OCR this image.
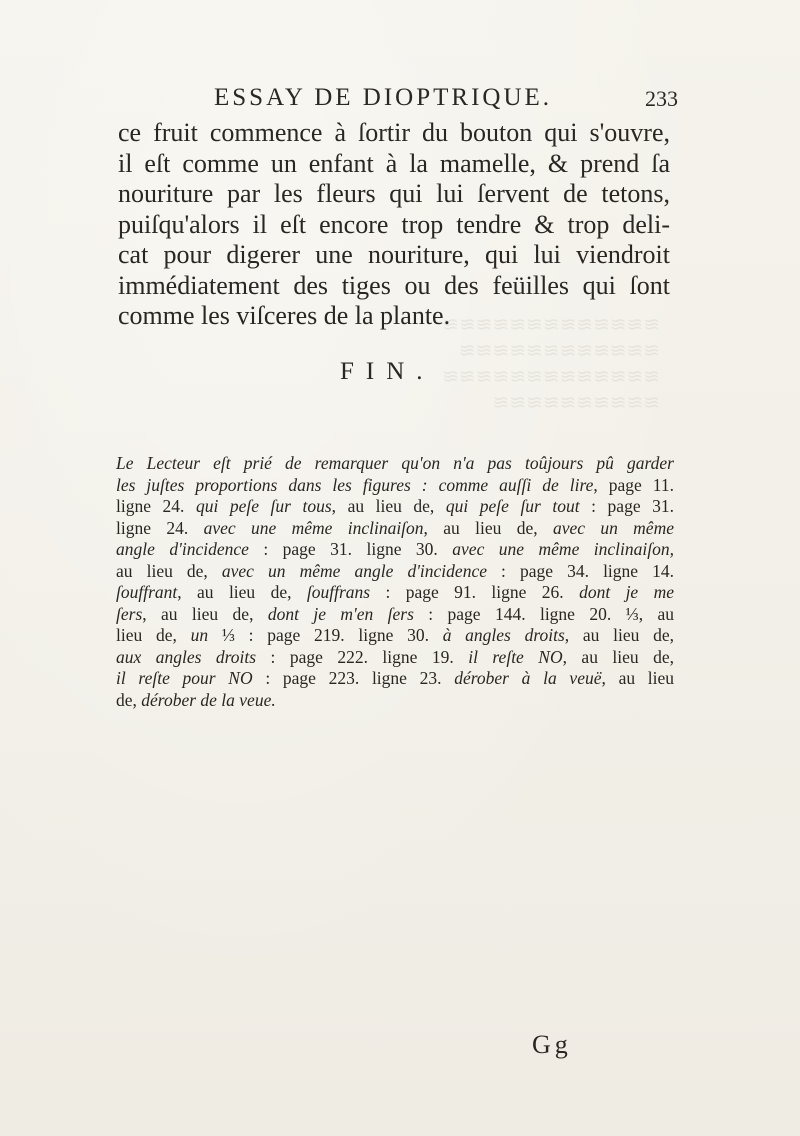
≋≋≋≋≋≋≋≋≋≋≋≋≋
≋≋≋≋≋≋≋≋≋≋≋≋
≋≋≋≋≋≋≋≋≋≋≋≋≋
≋≋≋≋≋≋≋≋≋≋
ESSAY DE DIOPTRIQUE.	233
ce fruit commence à ſortir du bouton qui s'ouvre,
il eſt comme un enfant à la mamelle, & prend ſa
nouriture par les fleurs qui lui ſervent de tetons,
puiſqu'alors il eſt encore trop tendre & trop deli-
cat pour digerer une nouriture, qui lui viendroit
immédiatement des tiges ou des feüilles qui ſont
comme les viſceres de la plante.
FIN.
Le Lecteur eſt prié de remarquer qu'on n'a pas toûjours pû garder
les juſtes proportions dans les figures : comme auſſi de lire, page 11.
ligne 24. qui peſe ſur tous, au lieu de, qui peſe ſur tout : page 31.
ligne 24. avec une même inclinaiſon, au lieu de, avec un même
angle d'incidence : page 31. ligne 30. avec une même inclinaiſon,
au lieu de, avec un même angle d'incidence : page 34. ligne 14.
ſouffrant, au lieu de, ſouffrans : page 91. ligne 26. dont je me
ſers, au lieu de, dont je m'en ſers : page 144. ligne 20. ⅓, au
lieu de, un ⅓ : page 219. ligne 30. à angles droits, au lieu de,
aux angles droits : page 222. ligne 19. il reſte NO, au lieu de,
il reſte pour NO : page 223. ligne 23. dérober à la veuë, au lieu
de, dérober de la veue.
Gg
